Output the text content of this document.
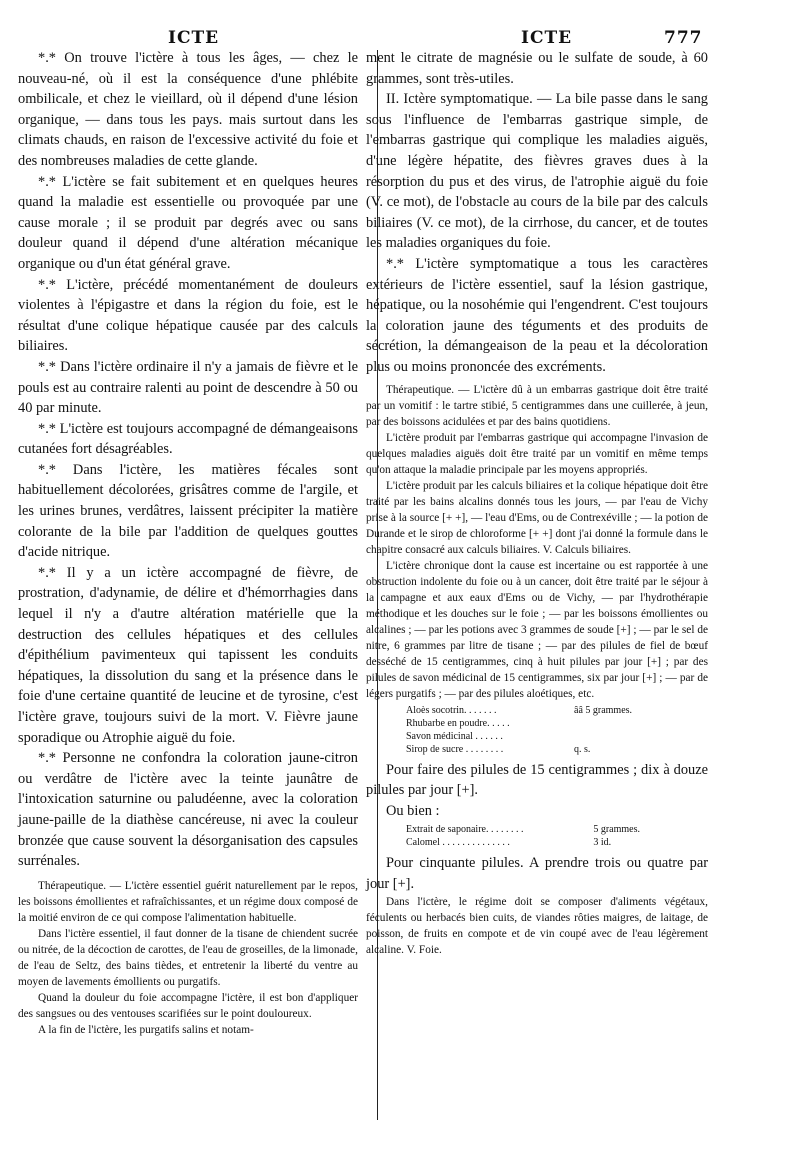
ICTE	ICTE	777

*.* On trouve l'ictère à tous les âges, — chez le nouveau-né, où il est la conséquence d'une phlébite ombilicale, et chez le vieillard, où il dépend d'une lésion organique, — dans tous les pays. mais surtout dans les climats chauds, en raison de l'excessive activité du foie et des nombreuses maladies de cette glande.

*.* L'ictère se fait subitement et en quelques heures quand la maladie est essentielle ou provoquée par une cause morale ; il se produit par degrés avec ou sans douleur quand il dépend d'une altération mécanique organique ou d'un état général grave.

*.* L'ictère, précédé momentanément de douleurs violentes à l'épigastre et dans la région du foie, est le résultat d'une colique hépatique causée par des calculs biliaires.

*.* Dans l'ictère ordinaire il n'y a jamais de fièvre et le pouls est au contraire ralenti au point de descendre à 50 ou 40 par minute.

*.* L'ictère est toujours accompagné de démangeaisons cutanées fort désagréables.

*.* Dans l'ictère, les matières fécales sont habituellement décolorées, grisâtres comme de l'argile, et les urines brunes, verdâtres, laissent précipiter la matière colorante de la bile par l'addition de quelques gouttes d'acide nitrique.

*.* Il y a un ictère accompagné de fièvre, de prostration, d'adynamie, de délire et d'hémorrhagies dans lequel il n'y a d'autre altération matérielle que la destruction des cellules hépatiques et des cellules d'épithélium pavimenteux qui tapissent les conduits hépatiques, la dissolution du sang et la présence dans le foie d'une certaine quantité de leucine et de tyrosine, c'est l'ictère grave, toujours suivi de la mort. V. Fièvre jaune sporadique ou Atrophie aiguë du foie.

*.* Personne ne confondra la coloration jaune-citron ou verdâtre de l'ictère avec la teinte jaunâtre de l'intoxication saturnine ou paludéenne, avec la coloration jaune-paille de la diathèse cancéreuse, ni avec la couleur bronzée que cause souvent la désorganisation des capsules surrénales.

Thérapeutique. — L'ictère essentiel guérit naturellement par le repos, les boissons émollientes et rafraîchissantes, et un régime doux composé de la moitié environ de ce qui compose l'alimentation habituelle.

Dans l'ictère essentiel, il faut donner de la tisane de chiendent sucrée ou nitrée, de la décoction de carottes, de l'eau de groseilles, de la limonade, de l'eau de Seltz, des bains tièdes, et entretenir la liberté du ventre au moyen de lavements émollients ou purgatifs.

Quand la douleur du foie accompagne l'ictère, il est bon d'appliquer des sangsues ou des ventouses scarifiées sur le point douloureux.

A la fin de l'ictère, les purgatifs salins et notam-

ment le citrate de magnésie ou le sulfate de soude, à 60 grammes, sont très-utiles.

II. Ictère symptomatique. — La bile passe dans le sang sous l'influence de l'embarras gastrique simple, de l'embarras gastrique qui complique les maladies aiguës, d'une légère hépatite, des fièvres graves dues à la résorption du pus et des virus, de l'atrophie aiguë du foie (V. ce mot), de l'obstacle au cours de la bile par des calculs biliaires (V. ce mot), de la cirrhose, du cancer, et de toutes les maladies organiques du foie.

*.* L'ictère symptomatique a tous les caractères extérieurs de l'ictère essentiel, sauf la lésion gastrique, hépatique, ou la nosohémie qui l'engendrent. C'est toujours la coloration jaune des téguments et des produits de sécrétion, la démangeaison de la peau et la décoloration plus ou moins prononcée des excréments.

Thérapeutique. — L'ictère dû à un embarras gastrique doit être traité par un vomitif : le tartre stibié, 5 centigrammes dans une cuillerée, à jeun, par des boissons acidulées et par des bains quotidiens.

L'ictère produit par l'embarras gastrique qui accompagne l'invasion de quelques maladies aiguës doit être traité par un vomitif en même temps qu'on attaque la maladie principale par les moyens appropriés.

L'ictère produit par les calculs biliaires et la colique hépatique doit être traité par les bains alcalins donnés tous les jours, — par l'eau de Vichy prise à la source [+ +], — l'eau d'Ems, ou de Contrexéville ; — la potion de Durande et le sirop de chloroforme [+ +] dont j'ai donné la formule dans le chapitre consacré aux calculs biliaires. V. Calculs biliaires.

L'ictère chronique dont la cause est incertaine ou est rapportée à une obstruction indolente du foie ou à un cancer, doit être traité par le séjour à la campagne et aux eaux d'Ems ou de Vichy, — par l'hydrothérapie méthodique et les douches sur le foie ; — par les boissons émollientes ou alcalines ; — par les potions avec 3 grammes de soude [+] ; — par le sel de nitre, 6 grammes par litre de tisane ; — par des pilules de fiel de bœuf desséché de 15 centigrammes, cinq à huit pilules par jour [+] ; par des pilules de savon médicinal de 15 centigrammes, six par jour [+] ; — par de légers purgatifs ; — par des pilules aloétiques, etc.

Aloès socotrin. . . . . . .	ââ 5 grammes.
Rhubarbe en poudre. . . . .
Savon médicinal . . . . . .
Sirop de sucre . . . . . . . .	q. s.

Pour faire des pilules de 15 centigrammes ; dix à douze pilules par jour [+].

Ou bien :

Extrait de saponaire. . . . . . . .	5 grammes.
Calomel . . . . . . . . . . . . . .	3 id.

Pour cinquante pilules. A prendre trois ou quatre par jour [+].

Dans l'ictère, le régime doit se composer d'aliments végétaux, féculents ou herbacés bien cuits, de viandes rôties maigres, de laitage, de poisson, de fruits en compote et de vin coupé avec de l'eau légèrement alcaline. V. Foie.
